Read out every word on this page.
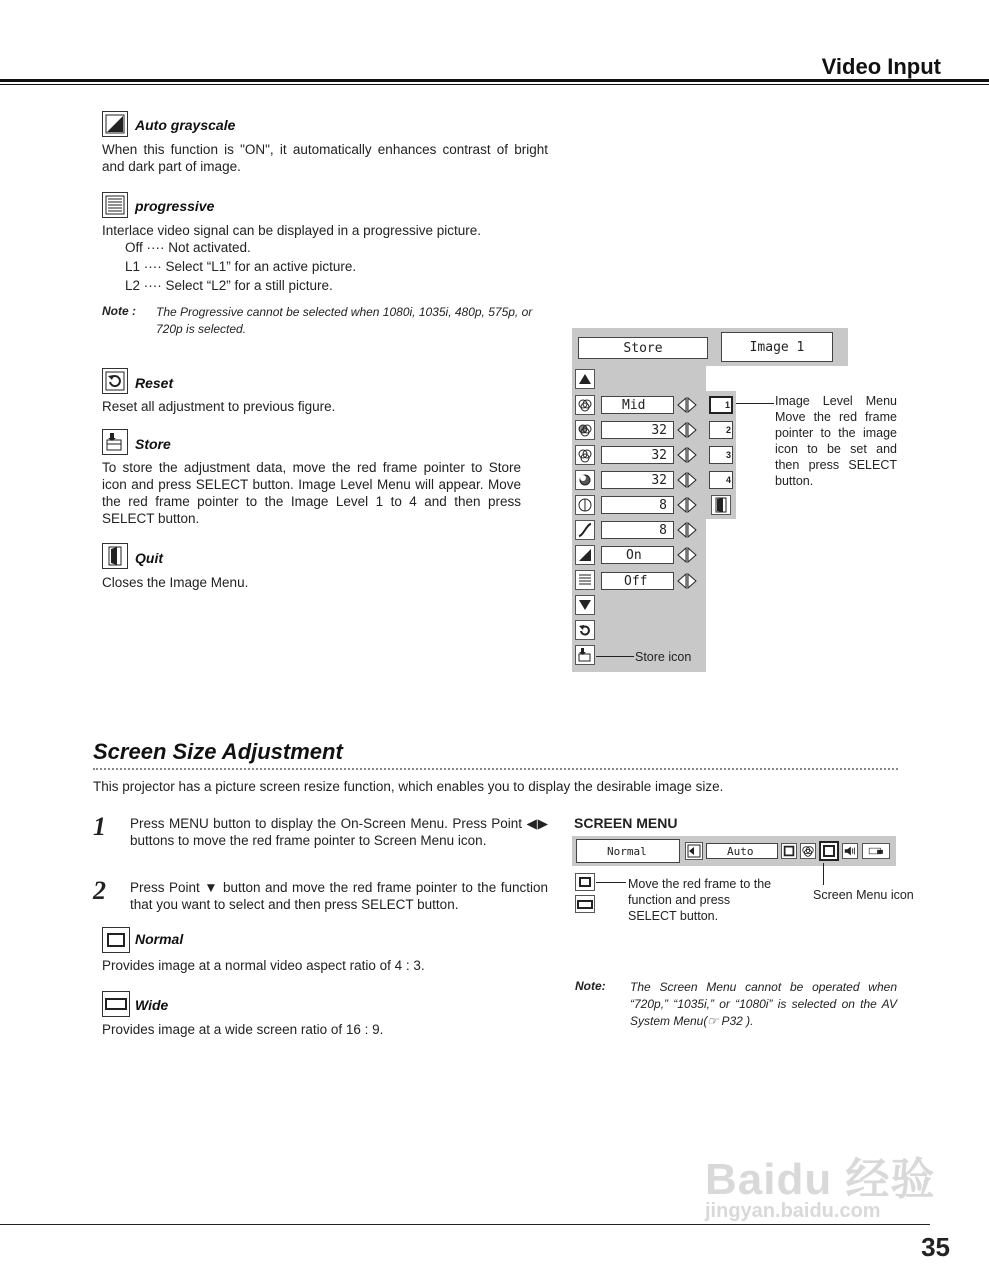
Video Input
Auto grayscale
When this function is "ON", it automatically enhances contrast of bright and dark part of image.
progressive
Interlace video signal can be displayed in a progressive picture.
Off ···· Not activated.
L1 ···· Select “L1” for an active picture.
L2 ···· Select “L2” for a still picture.
Note : The Progressive cannot be selected when 1080i, 1035i, 480p, 575p, or 720p is selected.
Reset
Reset all adjustment to previous figure.
Store
To store the adjustment data, move the red frame pointer to Store icon and press SELECT button. Image Level Menu will appear. Move the red frame pointer to the Image Level 1 to 4 and then press SELECT button.
Quit
Closes the Image Menu.
Store	Image 1
Mid
32
32
32
8
8
On
Off
1
2
3
4
Image Level Menu Move the red frame pointer to the image icon to be set and then press SELECT button.
Store icon
Screen Size Adjustment
This projector has a picture screen resize function, which enables you to display the desirable image size.
1 Press MENU button to display the On-Screen Menu. Press Point ◀▶ buttons to move the red frame pointer to Screen Menu icon.
2 Press Point ▼ button and move the red frame pointer to the function that you want to select and then press SELECT button.
Normal
Provides image at a normal video aspect ratio of 4 : 3.
Wide
Provides image at a wide screen ratio of 16 : 9.
SCREEN MENU
Normal	Auto
Move the red frame to the function and press SELECT button.
Screen Menu icon
Note: The Screen Menu cannot be operated when “720p,” “1035i,” or “1080i” is selected on the AV System Menu(☞ P32 ).
Baidu 经验
jingyan.baidu.com
35
